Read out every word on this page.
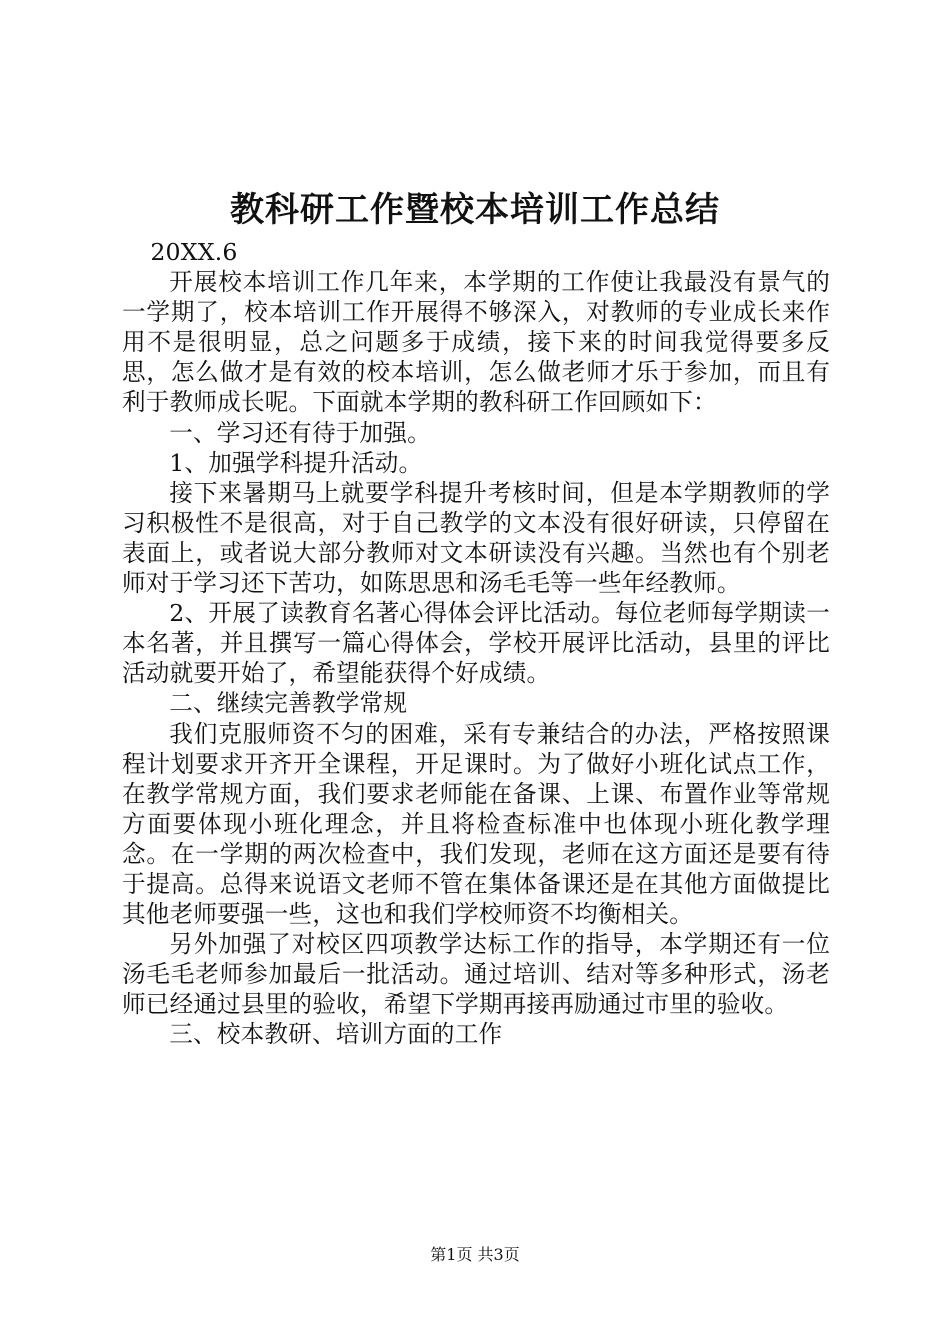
教科研工作暨校本培训工作总结

20XX.6

开展校本培训工作几年来，本学期的工作使让我最没有景气的一学期了，校本培训工作开展得不够深入，对教师的专业成长来作用不是很明显，总之问题多于成绩，接下来的时间我觉得要多反思，怎么做才是有效的校本培训，怎么做老师才乐于参加，而且有利于教师成长呢。下面就本学期的教科研工作回顾如下：

一、学习还有待于加强。

1、加强学科提升活动。

接下来暑期马上就要学科提升考核时间，但是本学期教师的学习积极性不是很高，对于自己教学的文本没有很好研读，只停留在表面上，或者说大部分教师对文本研读没有兴趣。当然也有个别老师对于学习还下苦功，如陈思思和汤毛毛等一些年经教师。

2、开展了读教育名著心得体会评比活动。每位老师每学期读一本名著，并且撰写一篇心得体会，学校开展评比活动，县里的评比活动就要开始了，希望能获得个好成绩。

二、继续完善教学常规

我们克服师资不匀的困难，采有专兼结合的办法，严格按照课程计划要求开齐开全课程，开足课时。为了做好小班化试点工作，在教学常规方面，我们要求老师能在备课、上课、布置作业等常规方面要体现小班化理念，并且将检查标准中也体现小班化教学理念。在一学期的两次检查中，我们发现，老师在这方面还是要有待于提高。总得来说语文老师不管在集体备课还是在其他方面做提比其他老师要强一些，这也和我们学校师资不均衡相关。

另外加强了对校区四项教学达标工作的指导，本学期还有一位汤毛毛老师参加最后一批活动。通过培训、结对等多种形式，汤老师已经通过县里的验收，希望下学期再接再励通过市里的验收。

三、校本教研、培训方面的工作

第1页 共3页
